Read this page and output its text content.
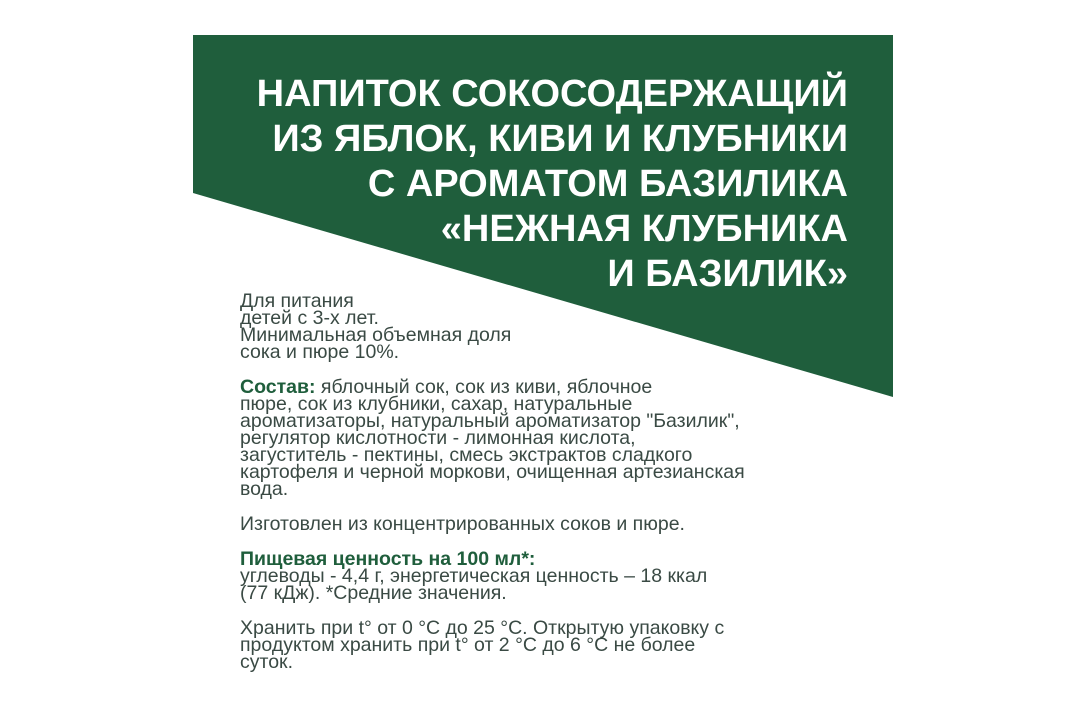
НАПИТОК СОКОСОДЕРЖАЩИЙ
ИЗ ЯБЛОК, КИВИ И КЛУБНИКИ
С АРОМАТОМ БАЗИЛИКА
«НЕЖНАЯ КЛУБНИКА
И БАЗИЛИК»

Для питания
детей с 3-х лет.
Минимальная объемная доля
сока и пюре 10%.

Состав: яблочный сок, сок из киви, яблочное
пюре, сок из клубники, сахар, натуральные
ароматизаторы, натуральный ароматизатор "Базилик",
регулятор кислотности - лимонная кислота,
загуститель - пектины, смесь экстрактов сладкого
картофеля и черной моркови, очищенная артезианская
вода.

Изготовлен из концентрированных соков и пюре.

Пищевая ценность на 100 мл*:
углеводы - 4,4 г, энергетическая ценность – 18 ккал
(77 кДж). *Средние значения.

Хранить при t° от 0 °С до 25 °С. Открытую упаковку с
продуктом хранить при t° от 2 °С до 6 °С не более
суток.
